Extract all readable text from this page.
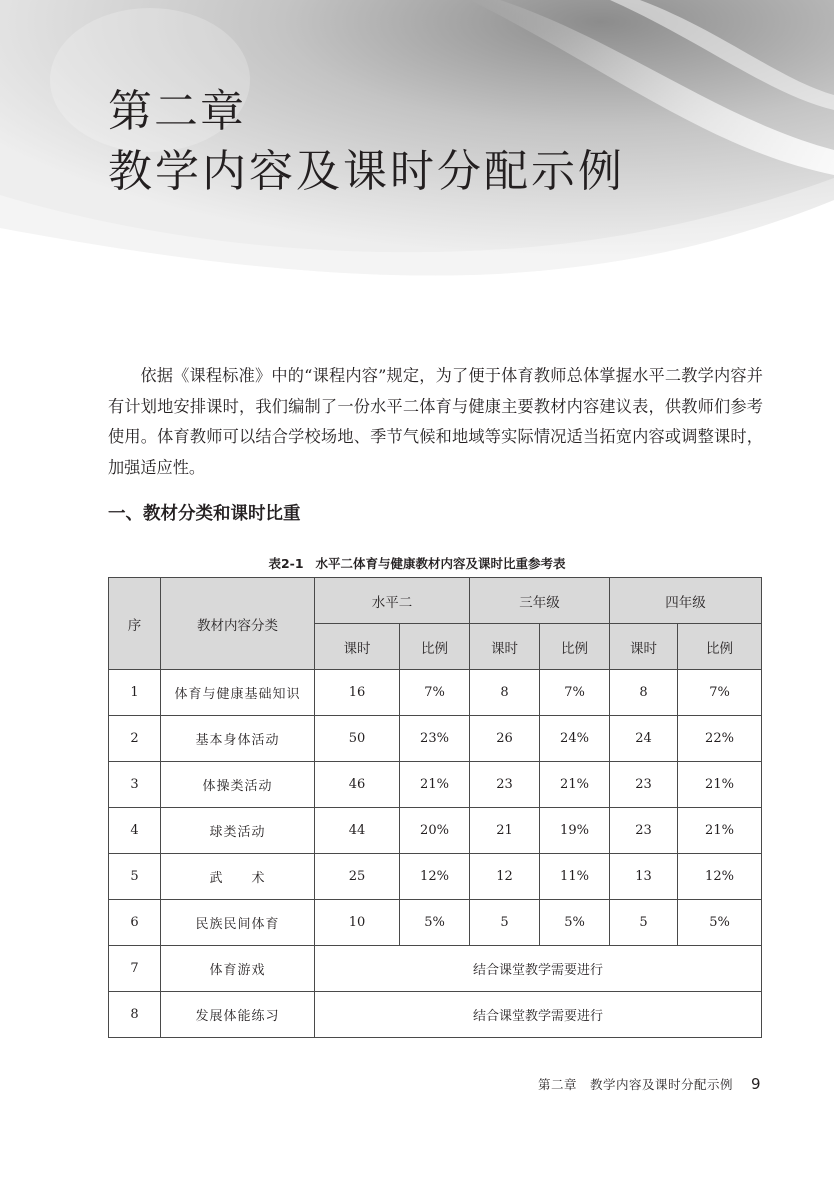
第二章
教学内容及课时分配示例

依据《课程标准》中的“课程内容”规定，为了便于体育教师总体掌握水平二教学内容并有计划地安排课时，我们编制了一份水平二体育与健康主要教材内容建议表，供教师们参考使用。体育教师可以结合学校场地、季节气候和地域等实际情况适当拓宽内容或调整课时，加强适应性。

一、教材分类和课时比重
表2-1 水平二体育与健康教材内容及课时比重参考表
序	教材内容分类	水平二		三年级		四年级	
		课时	比例	课时	比例	课时	比例
1	体育与健康基础知识	16	7%	8	7%	8	7%
2	基本身体活动	50	23%	26	24%	24	22%
3	体操类活动	46	21%	23	21%	23	21%
4	球类活动	44	20%	21	19%	23	21%
5	武　　术	25	12%	12	11%	13	12%
6	民族民间体育	10	5%	5	5%	5	5%
7	体育游戏	结合课堂教学需要进行					
8	发展体能练习	结合课堂教学需要进行					
第二章　教学内容及课时分配示例 9
